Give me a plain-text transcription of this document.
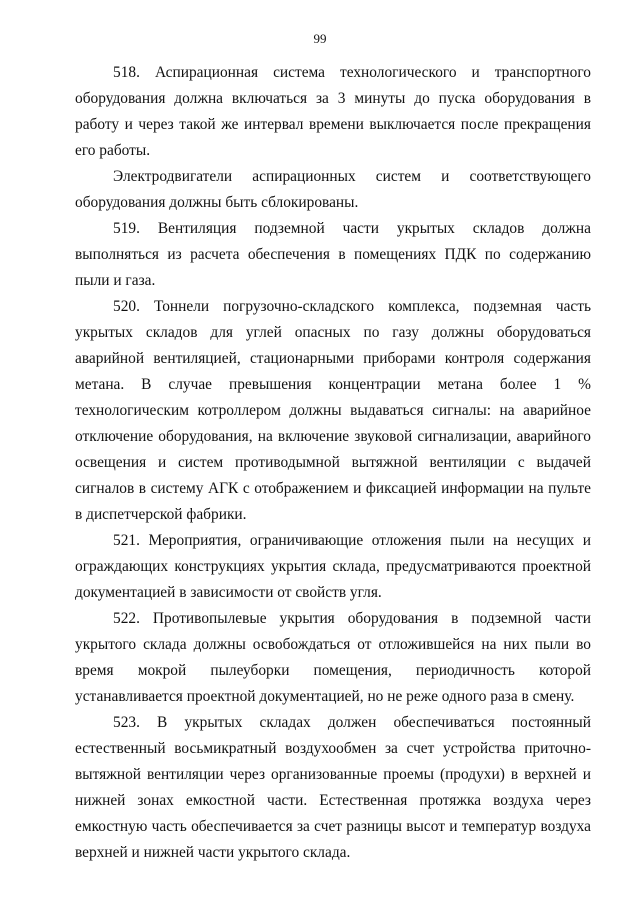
99

518. Аспирационная система технологического и транспортного оборудования должна включаться за 3 минуты до пуска оборудования в работу и через такой же интервал времени выключается после прекращения его работы.

Электродвигатели аспирационных систем и соответствующего оборудования должны быть сблокированы.

519. Вентиляция подземной части укрытых складов должна выполняться из расчета обеспечения в помещениях ПДК по содержанию пыли и газа.

520. Тоннели погрузочно-складского комплекса, подземная часть укрытых складов для углей опасных по газу должны оборудоваться аварийной вентиляцией, стационарными приборами контроля содержания метана. В случае превышения концентрации метана более 1 % технологическим котроллером должны выдаваться сигналы: на аварийное отключение оборудования, на включение звуковой сигнализации, аварийного освещения и систем противодымной вытяжной вентиляции с выдачей сигналов в систему АГК с отображением и фиксацией информации на пульте в диспетчерской фабрики.

521. Мероприятия, ограничивающие отложения пыли на несущих и ограждающих конструкциях укрытия склада, предусматриваются проектной документацией в зависимости от свойств угля.

522. Противопылевые укрытия оборудования в подземной части укрытого склада должны освобождаться от отложившейся на них пыли во время мокрой пылеуборки помещения, периодичность которой устанавливается проектной документацией, но не реже одного раза в смену.

523. В укрытых складах должен обеспечиваться постоянный естественный восьмикратный воздухообмен за счет устройства приточно-вытяжной вентиляции через организованные проемы (продухи) в верхней и нижней зонах емкостной части. Естественная протяжка воздуха через емкостную часть обеспечивается за счет разницы высот и температур воздуха верхней и нижней части укрытого склада.
